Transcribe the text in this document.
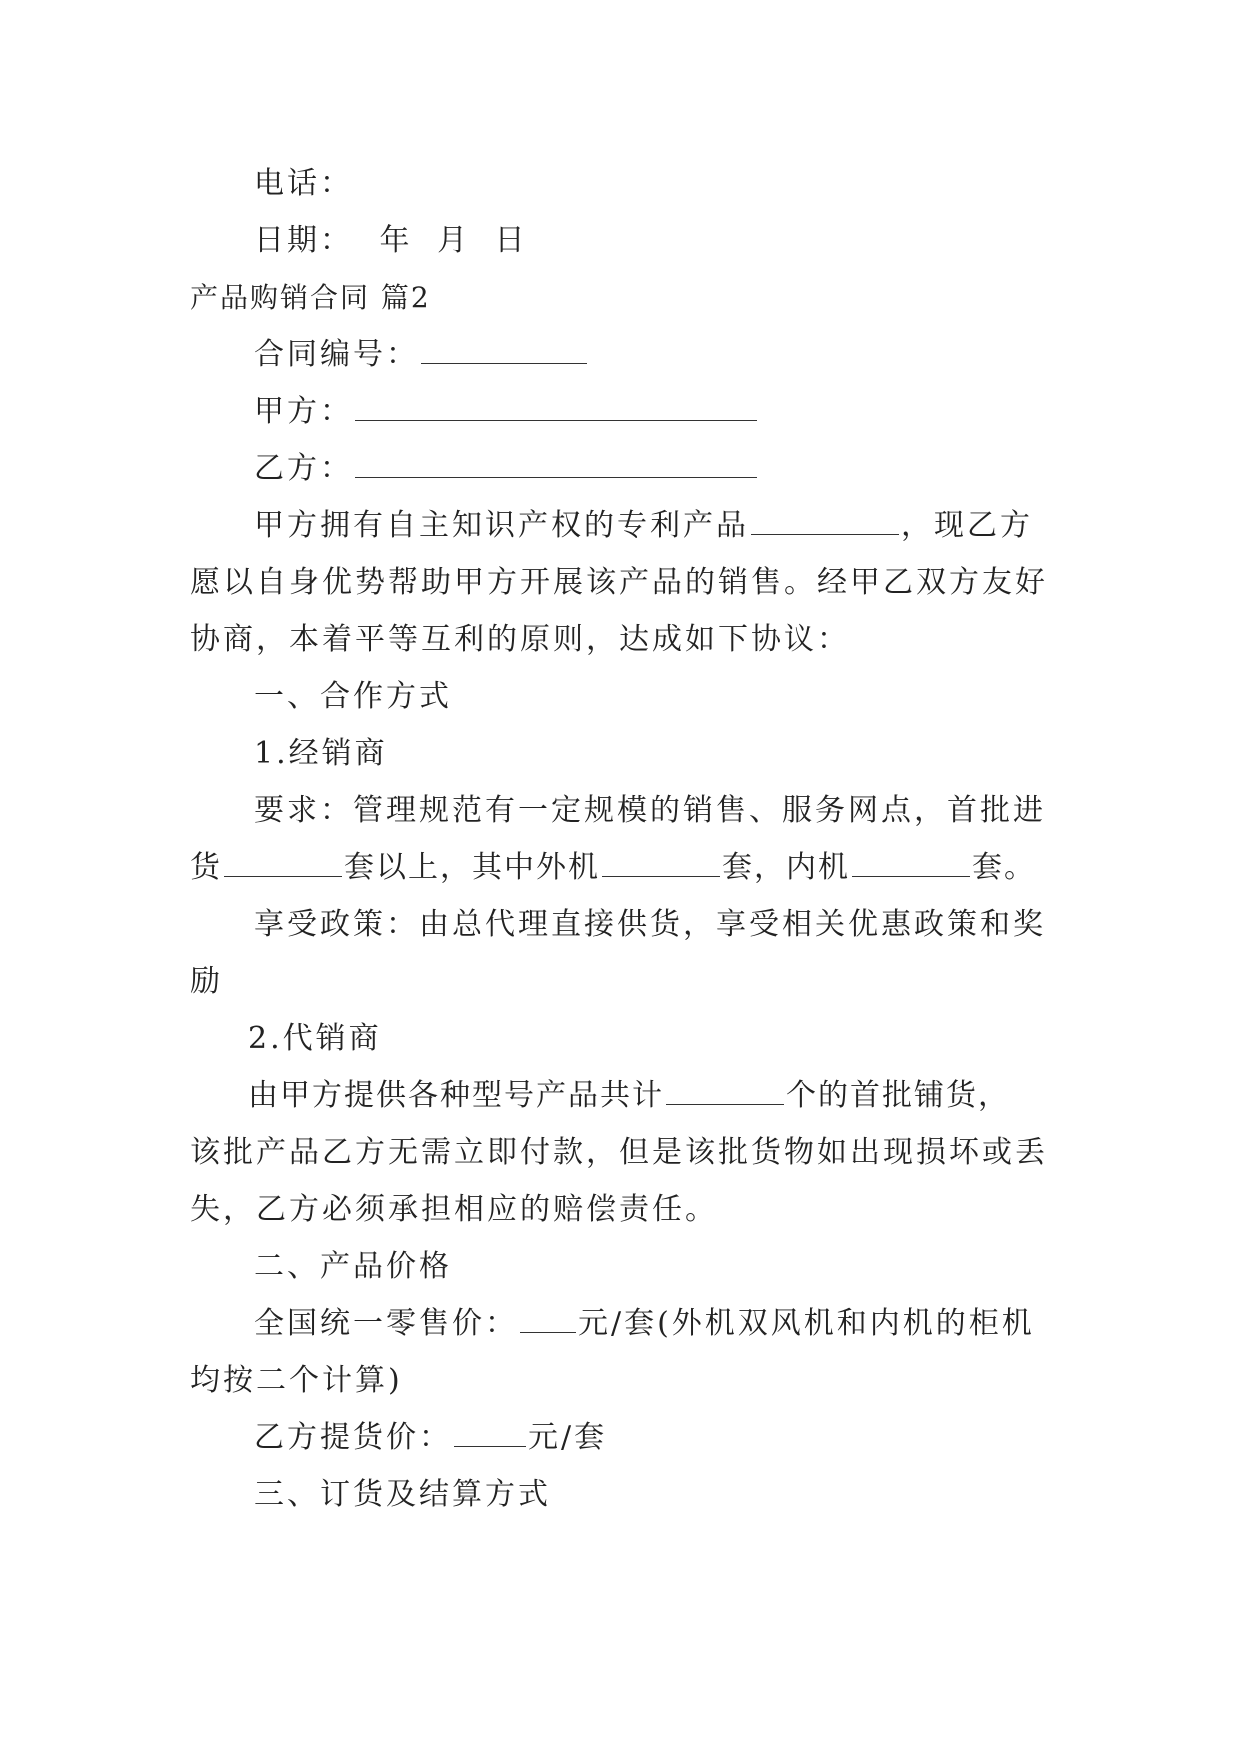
电话：
日期： 年 月 日
产品购销合同 篇2
合同编号：
甲方：
乙方：
甲方拥有自主知识产权的专利产品	，现乙方
愿以自身优势帮助甲方开展该产品的销售。经甲乙双方友好
协商，本着平等互利的原则，达成如下协议：
一、合作方式
1.经销商
要求：管理规范有一定规模的销售、服务网点，首批进
货	套以上，其中外机	套，内机	套。
享受政策：由总代理直接供货，享受相关优惠政策和奖
励
2.代销商
由甲方提供各种型号产品共计	个的首批铺货，
该批产品乙方无需立即付款，但是该批货物如出现损坏或丢
失，乙方必须承担相应的赔偿责任。
二、产品价格
全国统一零售价： 元/套(外机双风机和内机的柜机
均按二个计算)
乙方提货价：	元/套
三、订货及结算方式
